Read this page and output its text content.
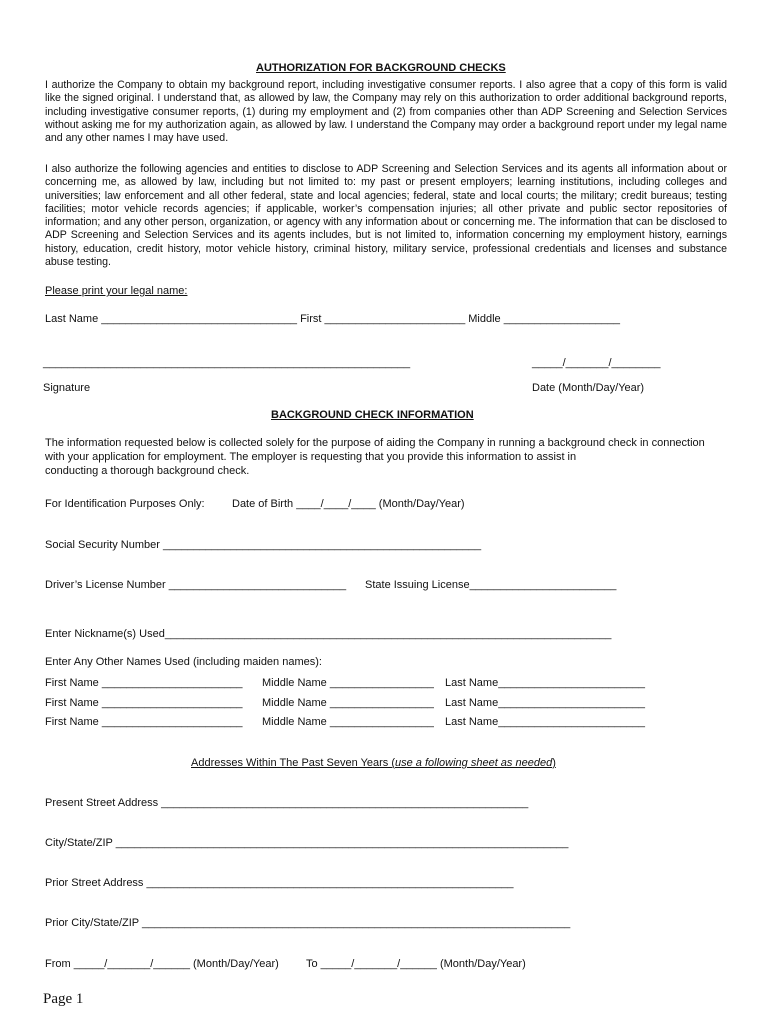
AUTHORIZATION FOR BACKGROUND CHECKS
I authorize the Company to obtain my background report, including investigative consumer reports. I also agree that a copy of this form is valid like the signed original. I understand that, as allowed by law, the Company may rely on this authorization to order additional background reports, including investigative consumer reports, (1) during my employment and (2) from companies other than ADP Screening and Selection Services without asking me for my authorization again, as allowed by law. I understand the Company may order a background report under my legal name and any other names I may have used.
I also authorize the following agencies and entities to disclose to ADP Screening and Selection Services and its agents all information about or concerning me, as allowed by law, including but not limited to: my past or present employers; learning institutions, including colleges and universities; law enforcement and all other federal, state and local agencies; federal, state and local courts; the military; credit bureaus; testing facilities; motor vehicle records agencies; if applicable, worker’s compensation injuries; all other private and public sector repositories of information; and any other person, organization, or agency with any information about or concerning me. The information that can be disclosed to ADP Screening and Selection Services and its agents includes, but is not limited to, information concerning my employment history, earnings history, education, credit history, motor vehicle history, criminal history, military service, professional credentials and licenses and substance abuse testing.
Please print your legal name:
Last Name ________________________________ First _______________________ Middle ___________________
____________________________________________________________	_____/_______/________
Signature	Date (Month/Day/Year)
BACKGROUND CHECK INFORMATION
The information requested below is collected solely for the purpose of aiding the Company in running a background check in connection
with your application for employment. The employer is requesting that you provide this information to assist in
conducting a thorough background check.
For Identification Purposes Only: Date of Birth ____/____/____ (Month/Day/Year)
Social Security Number ____________________________________________________
Driver’s License Number _____________________________ State Issuing License________________________
Enter Nickname(s) Used_________________________________________________________________________
Enter Any Other Names Used (including maiden names):
First Name _______________________ Middle Name _________________ Last Name________________________
First Name _______________________ Middle Name _________________ Last Name________________________
First Name _______________________ Middle Name _________________ Last Name________________________
Addresses Within The Past Seven Years (use a following sheet as needed)
Present Street Address ____________________________________________________________
City/State/ZIP __________________________________________________________________________
Prior Street Address ____________________________________________________________
Prior City/State/ZIP ______________________________________________________________________
From _____/_______/______ (Month/Day/Year) To _____/_______/______ (Month/Day/Year)
Page 1
